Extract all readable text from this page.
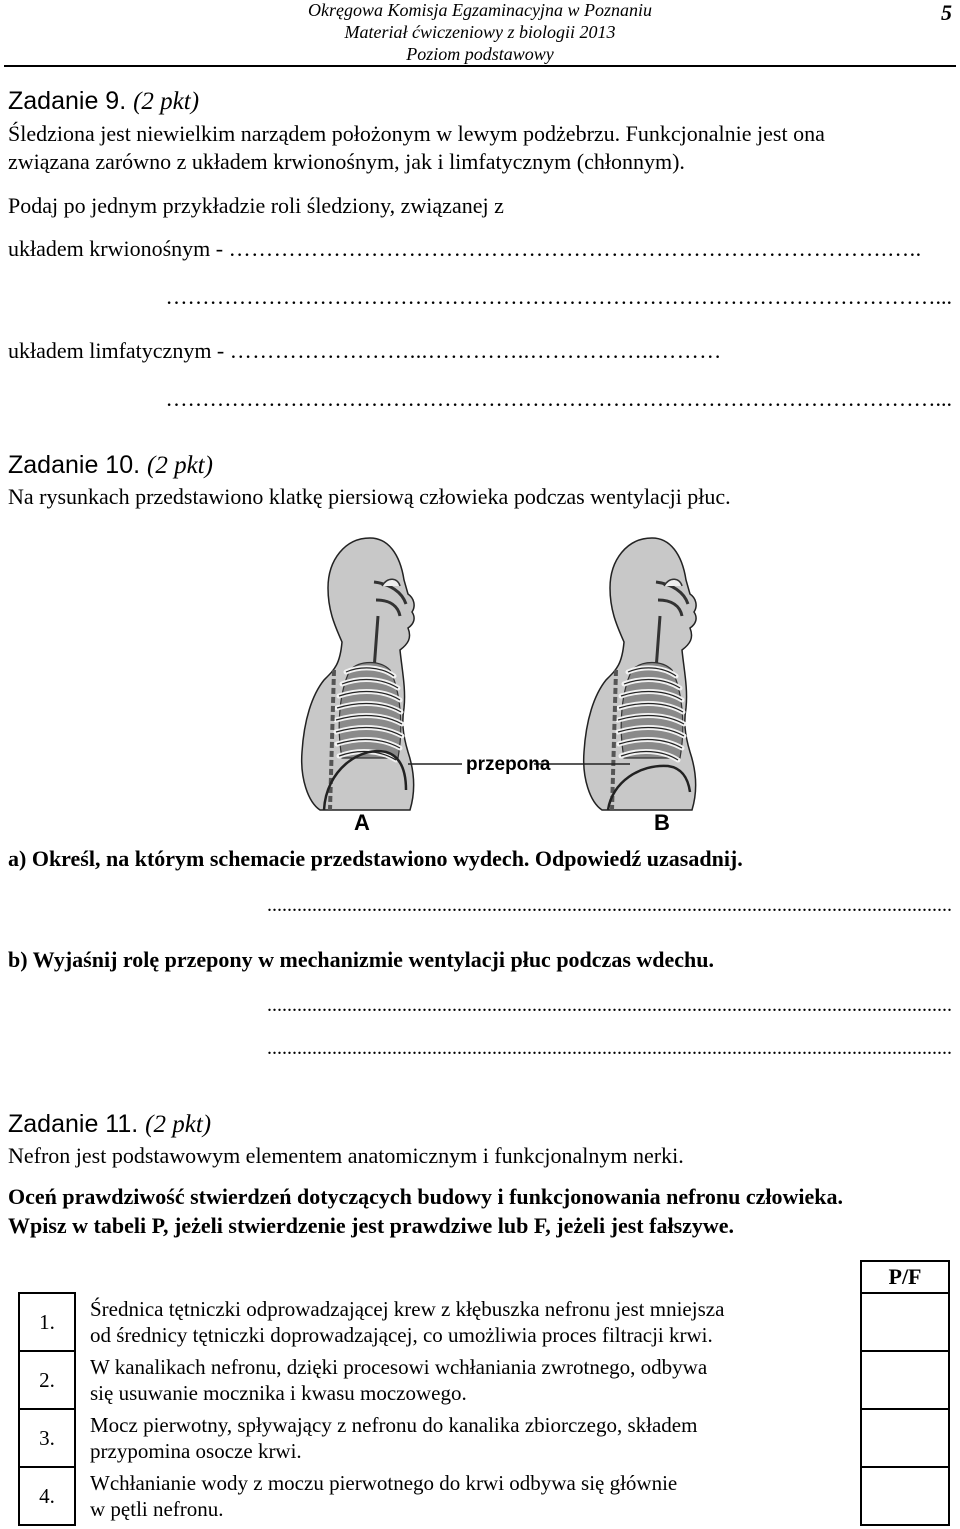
Okręgowa Komisja Egzaminacyjna w Poznaniu
Materiał ćwiczeniowy z biologii 2013
Poziom podstawowy
5
Zadanie 9. (2 pkt)
Śledziona jest niewielkim narządem położonym w lewym podżebrzu. Funkcjonalnie jest ona
związana zarówno z układem krwionośnym, jak i limfatycznym (chłonnym).
Podaj po jednym przykładzie roli śledziony, związanej z
układem krwionośnym - …………………………………………………………………………….…..
……………………………………………………………………………………………...
układem limfatycznym - ……………………...…………..……………..………
……………………………………………………………………………………………...
Zadanie 10. (2 pkt)
Na rysunkach przedstawiono klatkę piersiową człowieka podczas wentylacji płuc.
przepona
A	B
a) Określ, na którym schemacie przedstawiono wydech. Odpowiedź uzasadnij.
.........................................................................................................................................
b) Wyjaśnij rolę przepony w mechanizmie wentylacji płuc podczas wdechu.
.........................................................................................................................................
.........................................................................................................................................
Zadanie 11. (2 pkt)
Nefron jest podstawowym elementem anatomicznym i funkcjonalnym nerki.
Oceń prawdziwość stwierdzeń dotyczących budowy i funkcjonowania nefronu człowieka.
Wpisz w tabeli P, jeżeli stwierdzenie jest prawdziwe lub F, jeżeli jest fałszywe.
		P/F
1.	Średnica tętniczki odprowadzającej krew z kłębuszka nefronu jest mniejsza
od średnicy tętniczki doprowadzającej, co umożliwia proces filtracji krwi.	
2.	W kanalikach nefronu, dzięki procesowi wchłaniania zwrotnego, odbywa
się usuwanie mocznika i kwasu moczowego.	
3.	Mocz pierwotny, spływający z nefronu do kanalika zbiorczego, składem
przypomina osocze krwi.	
4.	Wchłanianie wody z moczu pierwotnego do krwi odbywa się głównie
w pętli nefronu.	
